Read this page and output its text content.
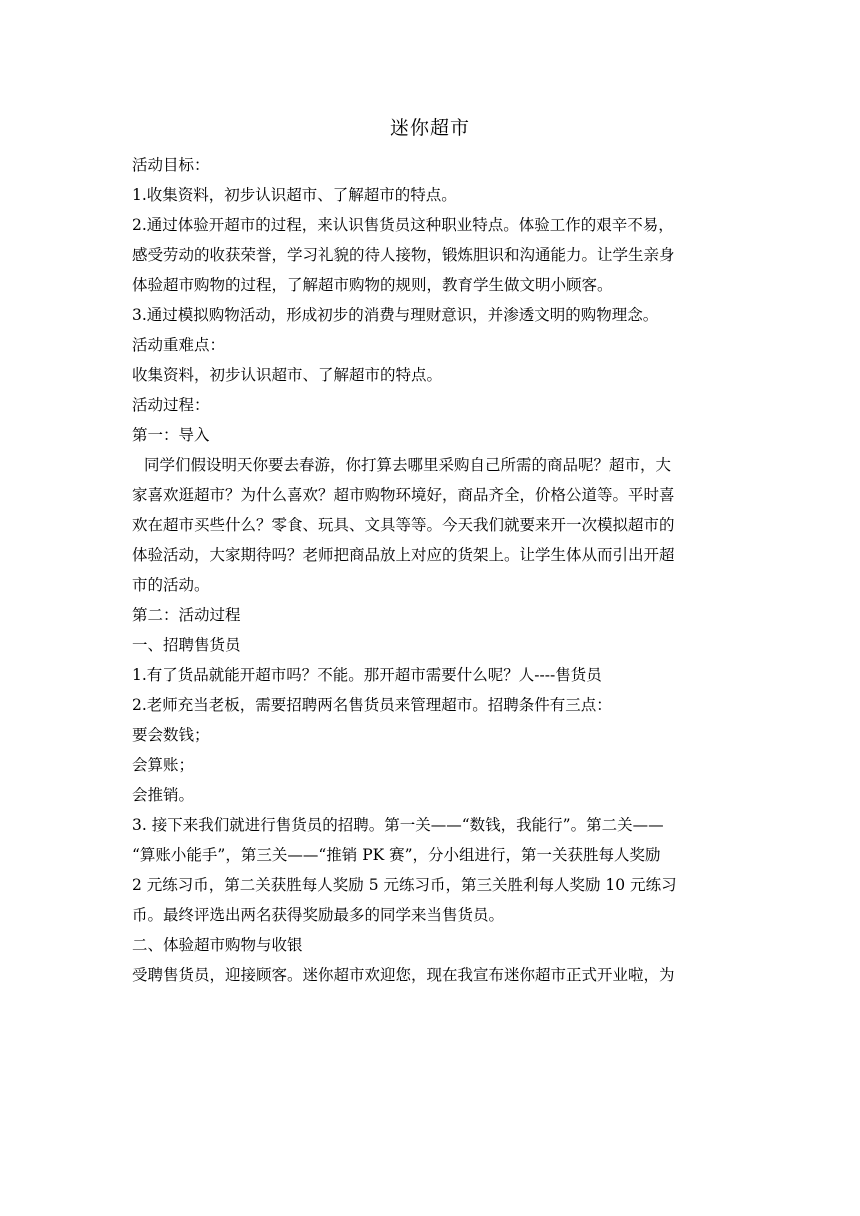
迷你超市
活动目标：
1.收集资料，初步认识超市、了解超市的特点。
2.通过体验开超市的过程，来认识售货员这种职业特点。体验工作的艰辛不易，
感受劳动的收获荣誉，学习礼貌的待人接物，锻炼胆识和沟通能力。让学生亲身
体验超市购物的过程，了解超市购物的规则，教育学生做文明小顾客。
3.通过模拟购物活动，形成初步的消费与理财意识，并渗透文明的购物理念。
活动重难点：
收集资料，初步认识超市、了解超市的特点。
活动过程：
第一：导入
同学们假设明天你要去春游，你打算去哪里采购自己所需的商品呢？超市，大
家喜欢逛超市？为什么喜欢？超市购物环境好，商品齐全，价格公道等。平时喜
欢在超市买些什么？零食、玩具、文具等等。今天我们就要来开一次模拟超市的
体验活动，大家期待吗？老师把商品放上对应的货架上。让学生体从而引出开超
市的活动。
第二：活动过程
一、招聘售货员
1.有了货品就能开超市吗？不能。那开超市需要什么呢？人----售货员
2.老师充当老板，需要招聘两名售货员来管理超市。招聘条件有三点：
要会数钱；
会算账；
会推销。
3. 接下来我们就进行售货员的招聘。第一关——“数钱，我能行”。第二关——
“算账小能手”，第三关——“推销 PK 赛”，分小组进行，第一关获胜每人奖励
2 元练习币，第二关获胜每人奖励 5 元练习币，第三关胜利每人奖励 10 元练习
币。最终评选出两名获得奖励最多的同学来当售货员。
二、体验超市购物与收银
受聘售货员，迎接顾客。迷你超市欢迎您，现在我宣布迷你超市正式开业啦，为
